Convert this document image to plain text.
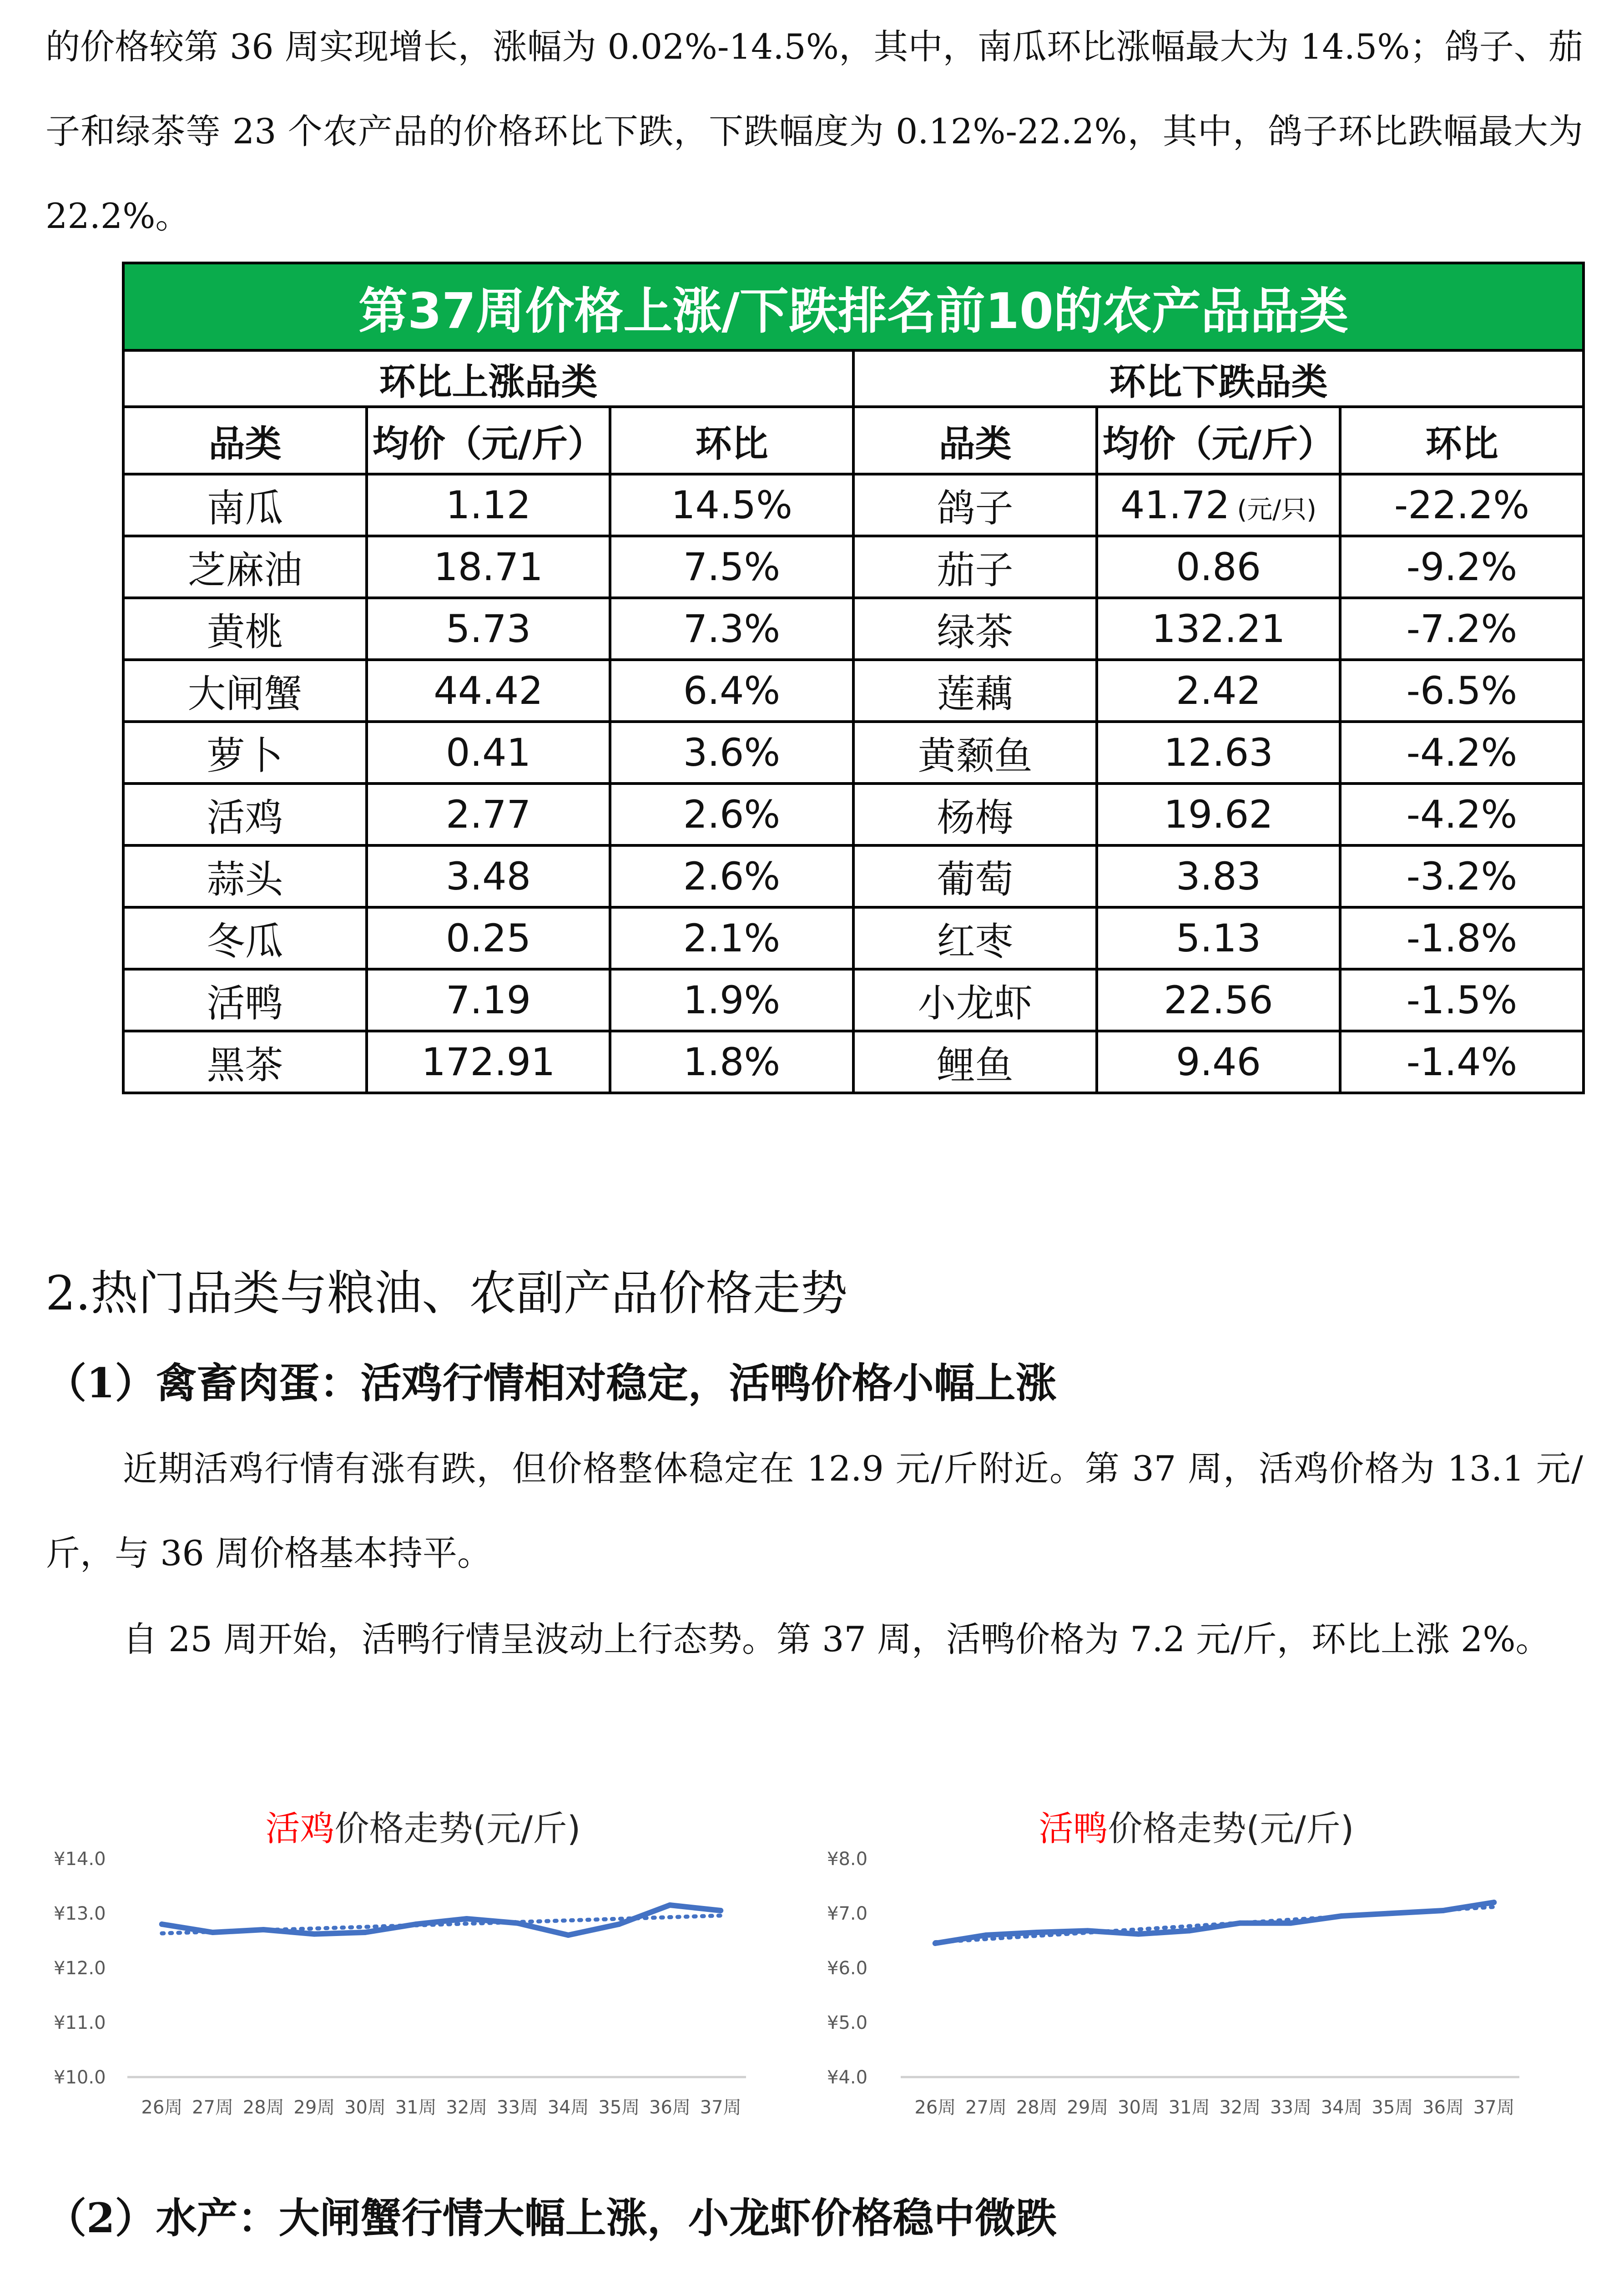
的价格较第 36 周实现增长，涨幅为 0.02%-14.5%，其中，南瓜环比涨幅最大为 14.5%；鸽子、茄子和绿茶等 23 个农产品的价格环比下跌，下跌幅度为 0.12%-22.2%，其中，鸽子环比跌幅最大为 22.2%。

第37周价格上涨/下跌排名前10的农产品品类					
环比上涨品类			环比下跌品类		
品类	均价（元/斤）	环比	品类	均价（元/斤）	环比
南瓜	1.12	14.5%	鸽子	41.72 (元/只)	-22.2%
芝麻油	18.71	7.5%	茄子	0.86	-9.2%
黄桃	5.73	7.3%	绿茶	132.21	-7.2%
大闸蟹	44.42	6.4%	莲藕	2.42	-6.5%
萝卜	0.41	3.6%	黄颡鱼	12.63	-4.2%
活鸡	2.77	2.6%	杨梅	19.62	-4.2%
蒜头	3.48	2.6%	葡萄	3.83	-3.2%
冬瓜	0.25	2.1%	红枣	5.13	-1.8%
活鸭	7.19	1.9%	小龙虾	22.56	-1.5%
黑茶	172.91	1.8%	鲤鱼	9.46	-1.4%
2.热门品类与粮油、农副产品价格走势
（1）禽畜肉蛋：活鸡行情相对稳定，活鸭价格小幅上涨

近期活鸡行情有涨有跌，但价格整体稳定在 12.9 元/斤附近。第 37 周，活鸡价格为 13.1 元/斤，与 36 周价格基本持平。

自 25 周开始，活鸭行情呈波动上行态势。第 37 周，活鸭价格为 7.2 元/斤，环比上涨 2%。

活鸡价格走势(元/斤)
¥10.0
¥11.0
¥12.0
¥13.0
¥14.0
26周 27周 28周 29周 30周 31周 32周 33周 34周 35周 36周 37周
活鸭价格走势(元/斤)
¥4.0
¥5.0
¥6.0
¥7.0
¥8.0
26周 27周 28周 29周 30周 31周 32周 33周 34周 35周 36周 37周
（2）水产：大闸蟹行情大幅上涨，小龙虾价格稳中微跌
